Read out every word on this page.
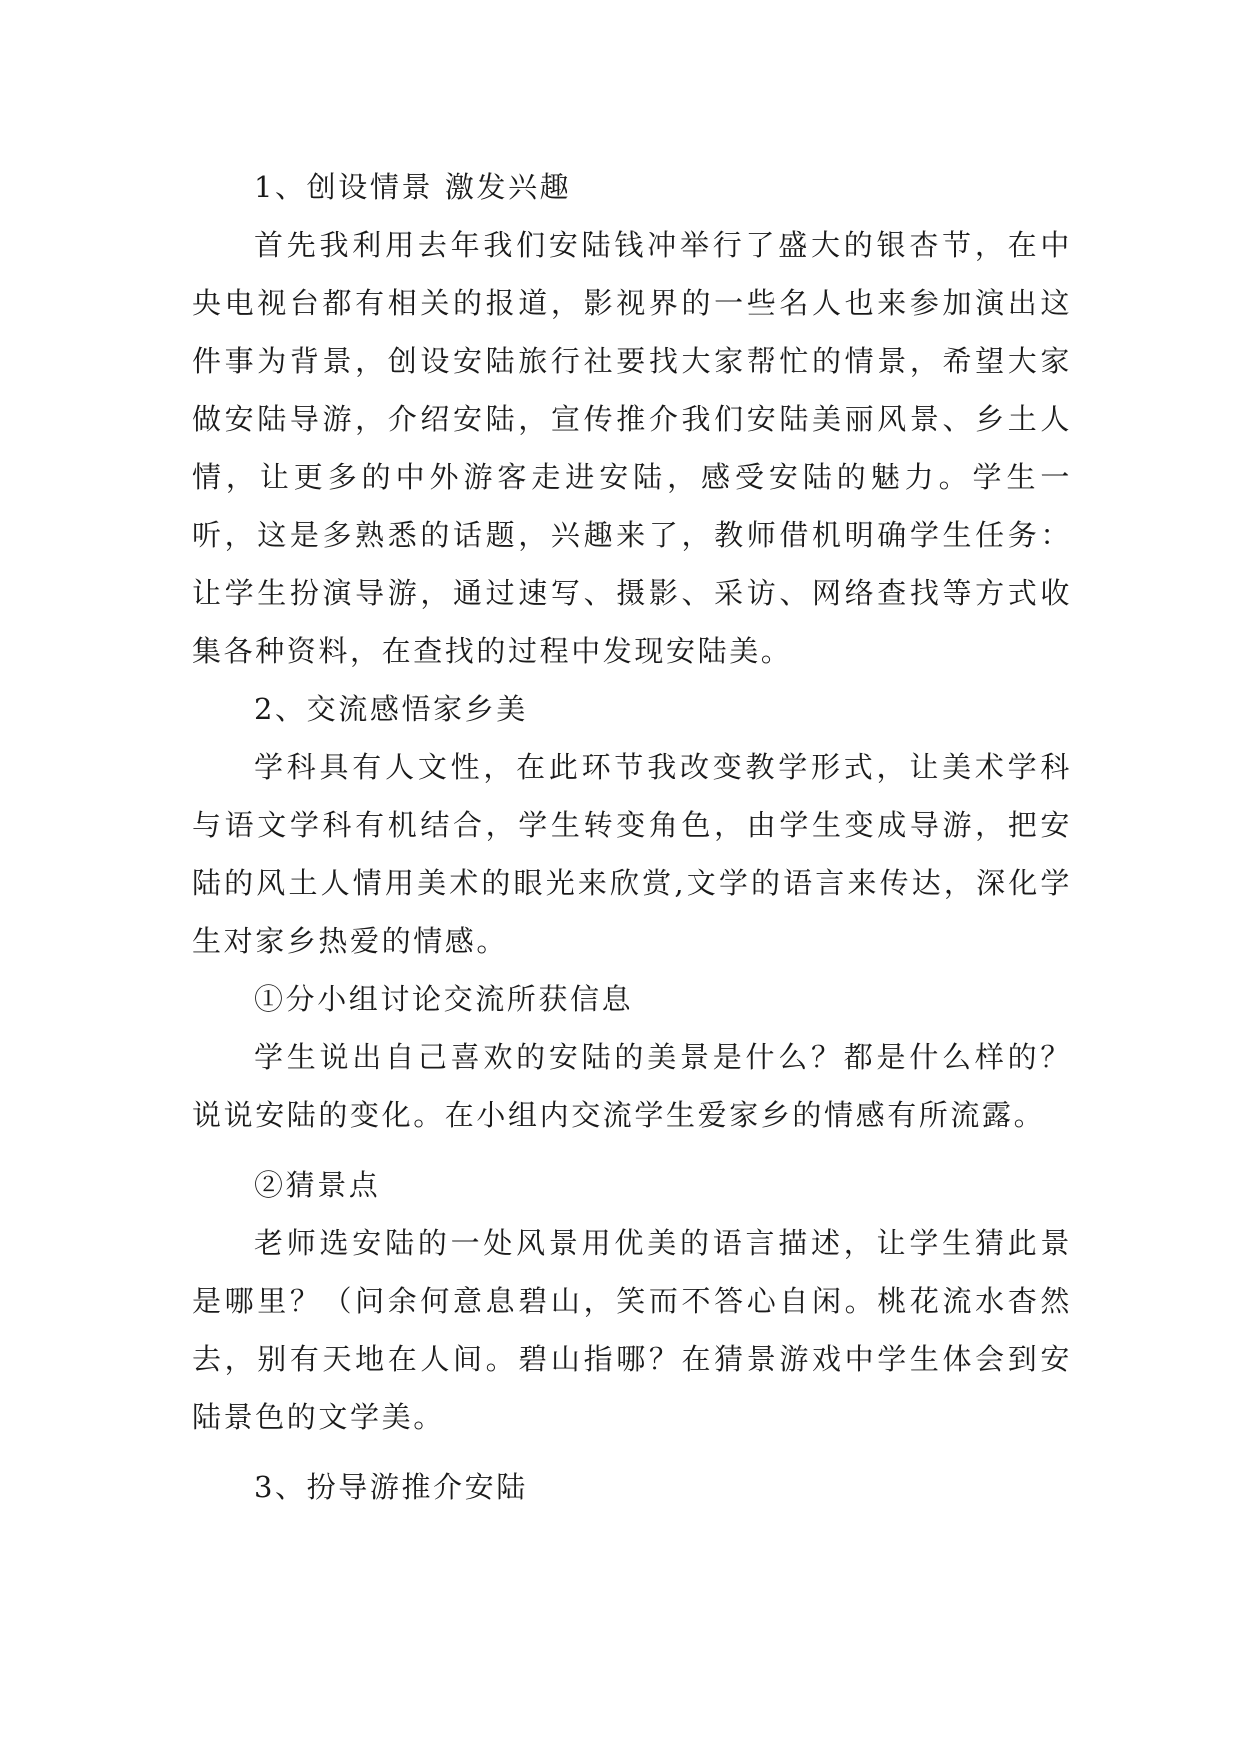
1、创设情景 激发兴趣

首先我利用去年我们安陆钱冲举行了盛大的银杏节，在中央电视台都有相关的报道，影视界的一些名人也来参加演出这件事为背景，创设安陆旅行社要找大家帮忙的情景，希望大家做安陆导游，介绍安陆，宣传推介我们安陆美丽风景、乡土人情，让更多的中外游客走进安陆，感受安陆的魅力。学生一听，这是多熟悉的话题，兴趣来了，教师借机明确学生任务：让学生扮演导游，通过速写、摄影、采访、网络查找等方式收集各种资料，在查找的过程中发现安陆美。

2、交流感悟家乡美

学科具有人文性，在此环节我改变教学形式，让美术学科与语文学科有机结合，学生转变角色，由学生变成导游，把安陆的风土人情用美术的眼光来欣赏,文学的语言来传达，深化学生对家乡热爱的情感。

①分小组讨论交流所获信息

学生说出自己喜欢的安陆的美景是什么？都是什么样的？说说安陆的变化。在小组内交流学生爱家乡的情感有所流露。

②猜景点

老师选安陆的一处风景用优美的语言描述，让学生猜此景是哪里？（问余何意息碧山，笑而不答心自闲。桃花流水杳然去，别有天地在人间。碧山指哪？在猜景游戏中学生体会到安陆景色的文学美。

3、扮导游推介安陆
